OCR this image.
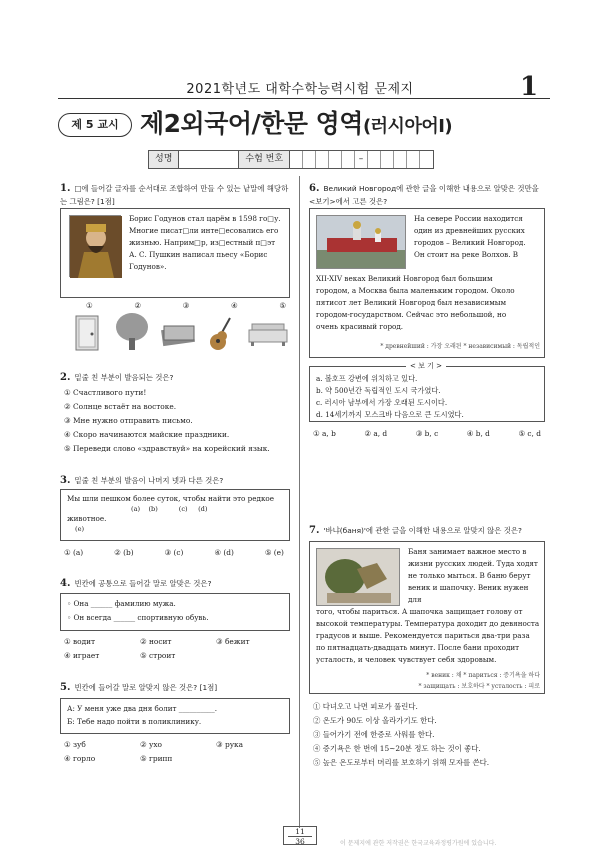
2021학년도 대학수학능력시험 문제지	1
제 5 교시 제2외국어/한문 영역(러시아어Ⅰ)
성명	수험 번호	–
1. □에 들어갈 글자를 순서대로 조합하여 만들 수 있는 낱말에 해당하는 그림은? [1점]
Борис Годунов стал царём в 1598 го□у.
Многие писат□ли инте□есовались его
жизнью. Наприм□р, из□естный п□эт
А. С. Пушкин написал пьесу «Борис
Годунов».
①	②	③	④	⑤
2. 밑줄 친 부분이 발음되는 것은?
① Счастливого пути!
② Солнце встаёт на востоке.
③ Мне нужно отправить письмо.
④ Скоро начинаются майские праздники.
⑤ Переведи слово «здравствуй» на корейский язык.
3. 밑줄 친 부분의 발음이 나머지 넷과 다른 것은?
Мы шли пешком более суток, чтобы найти это редкое
(a)    (b)          (c)     (d)
животное.
(e)
① (a)	② (b)	③ (c)	④ (d)	⑤ (e)
4. 빈칸에 공통으로 들어갈 말로 알맞은 것은?
◦ Она ______ фамилию мужа.
◦ Он всегда ______ спортивную обувь.
① водит	② носит	③ бежит
④ играет	⑤ строит
5. 빈칸에 들어갈 말로 알맞지 않은 것은? [1점]
А: У меня уже два дня болит __________.
Б: Тебе надо пойти в поликлинику.
① зуб	② ухо	③ рука
④ горло	⑤ грипп
6. Великий Новгород에 관한 글을 이해한 내용으로 알맞은 것만을 <보기>에서 고른 것은?
На севере России находится
один из древнейших русских
городов – Великий Новгород.
Он стоит на реке Волхов. В
XII-XIV веках Великий Новгород был большим
городом, а Москва была маленьким городом. Около
пятисот лет Великий Новгород был независимым
городом-государством. Сейчас это небольшой, но
очень красивый город.
* древнейший : 가장 오래된 * независимый : 독립적인
< 보 기 >
a. 볼호프 강변에 위치하고 있다.
b. 약 500년간 독립적인 도시 국가였다.
c. 러시아 남부에서 가장 오래된 도시이다.
d. 14세기까지 모스크바 다음으로 큰 도시였다.
① a, b	② a, d	③ b, c	④ b, d	⑤ c, d
7. '바냐(баня)'에 관한 글을 이해한 내용으로 알맞지 않은 것은?
Баня занимает важное место в
жизни русских людей. Туда ходят
не только мыться. В баню берут
веник и шапочку. Веник нужен для
того, чтобы париться. А шапочка защищает голову от
высокой температуры. Температура доходит до девяноста
градусов и выше. Рекомендуется париться два-три раза
по пятнадцать-двадцать минут. После бани проходит
усталость, и человек чувствует себя здоровым.
* веник : 채 * париться : 증기욕을 하다
* защищать : 보호하다 * усталость : 피로
① 다녀오고 나면 피로가 풀린다.
② 온도가 90도 이상 올라가기도 한다.
③ 들어가기 전에 한증로 사워를 한다.
④ 증기욕은 한 번에 15~20분 정도 하는 것이 좋다.
⑤ 높은 온도로부터 머리를 보호하기 위해 모자를 쓴다.
11
36	이 문제지에 관한 저작권은 한국교육과정평가원에 있습니다.
